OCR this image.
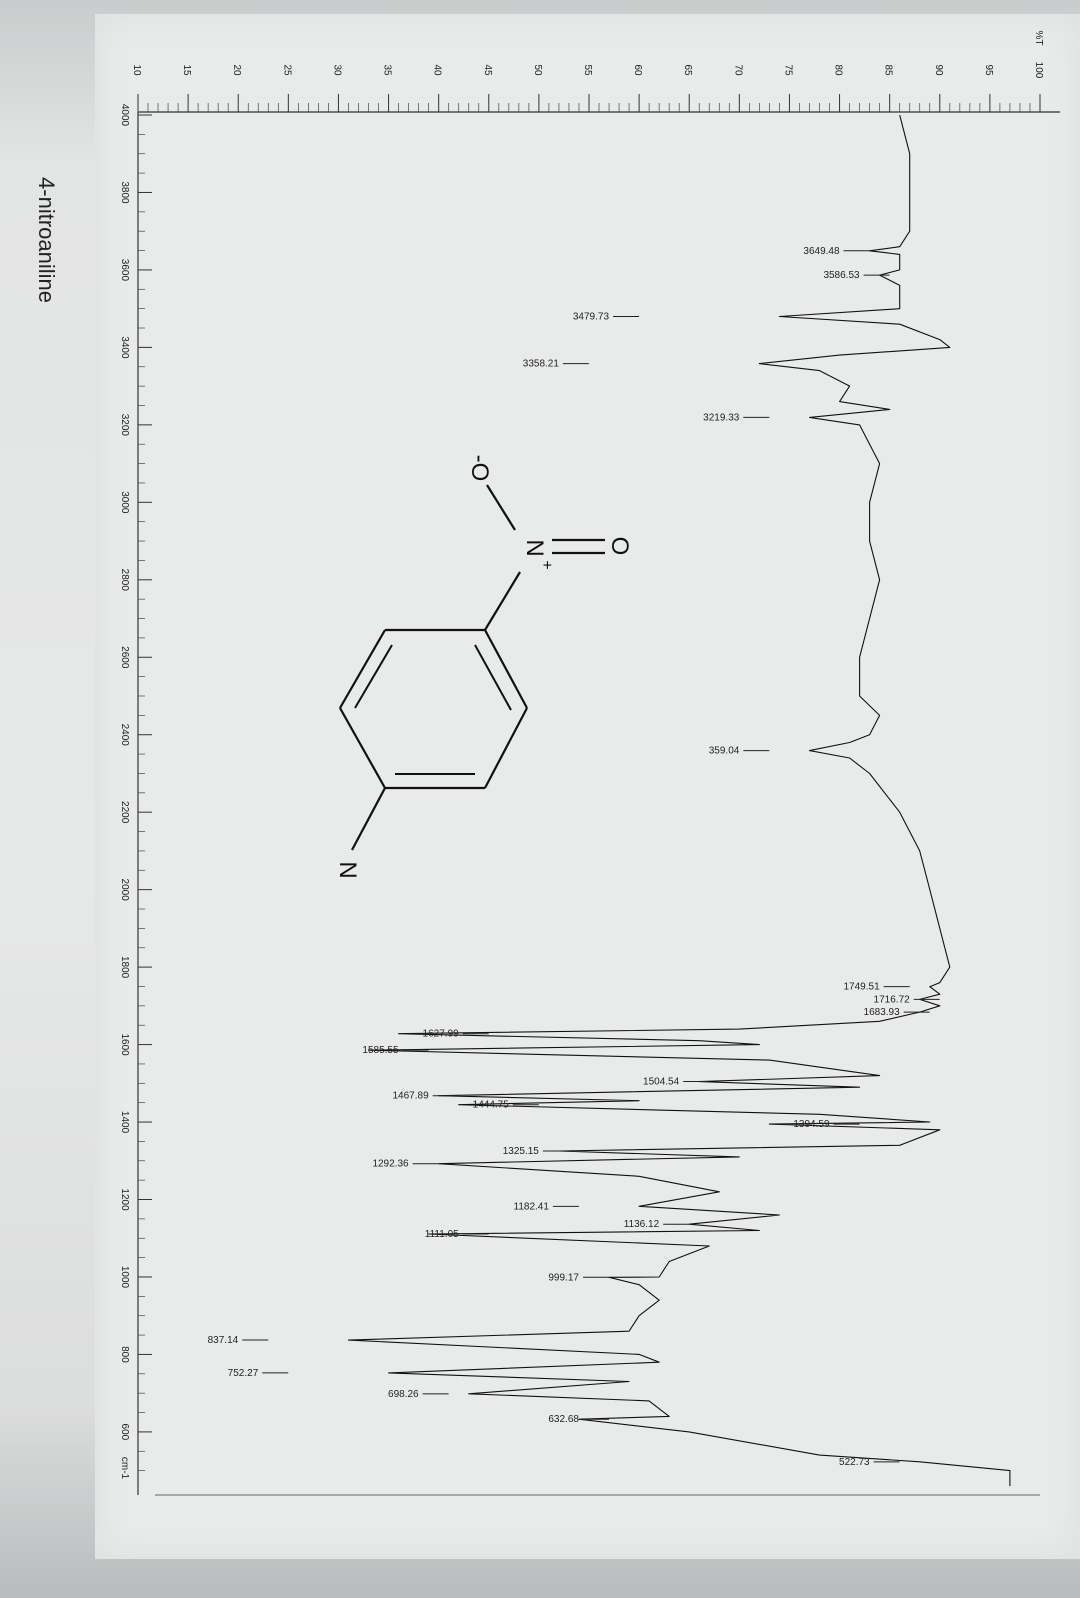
4-nitroaniline
10	15	20	25	30	35	40	45	50	55	60	65	70	75	80	85	90	95	100
%T
4000
3800
3600
3400
3200
3000
2800
2600
2400
2200
2000
1800
1600
1400
1200
1000
800
600
cm-1
3649.48
3586.53
3479.73
3358.21
3219.33
359.04
1749.51
1716.72
1683.93
1627.99
1585.55
1504.54
1467.89
1444.75
1394.59
1325.15
1292.36
1182.41
1136.12
1111.05
999.17
837.14
752.27
698.26
632.68
522.73
-O
N
+
O
N
